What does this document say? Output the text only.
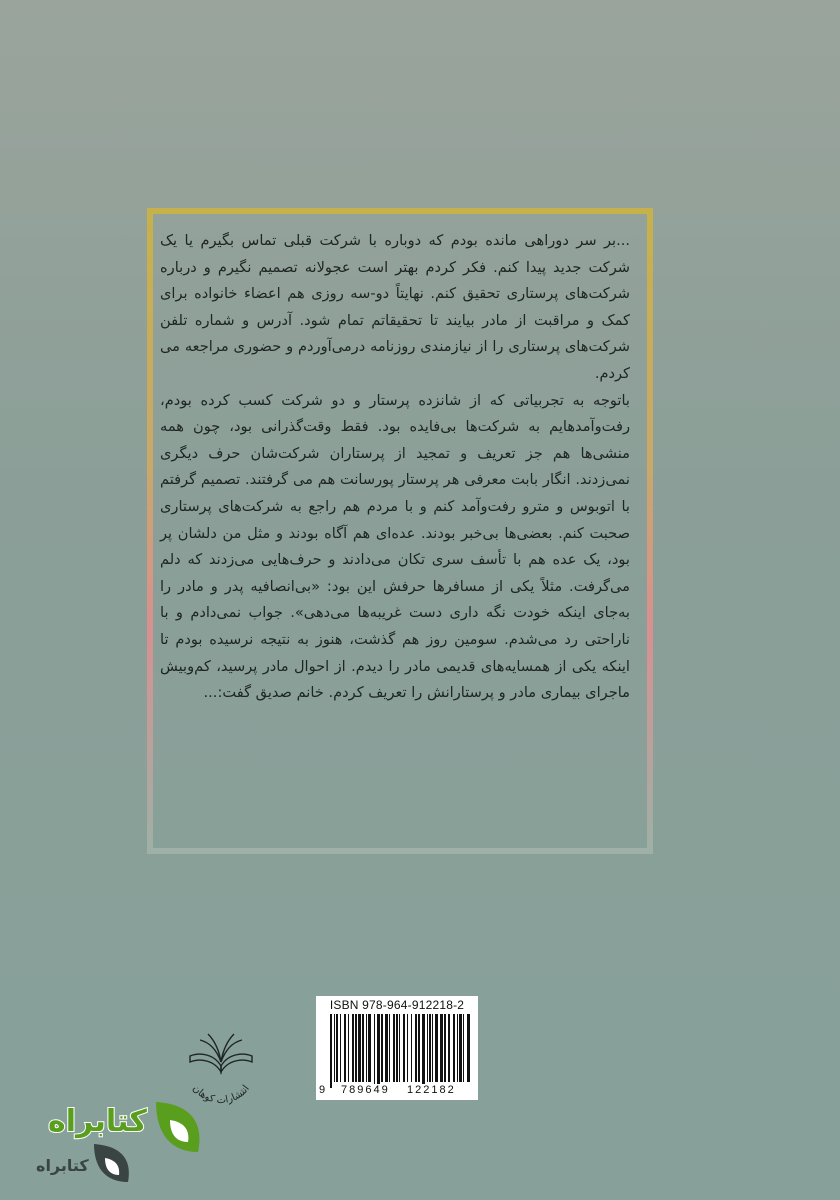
...بر سر دوراهی مانده بودم که دوباره با شرکت قبلی تماس بگیرم یا یک شرکت جدید پیدا کنم. فکر کردم بهتر است عجولانه تصمیم نگیرم و درباره شرکت‌های پرستاری تحقیق کنم. نهایتاً دو-سه روزی هم اعضاء خانواده برای کمک و مراقبت از مادر بیایند تا تحقیقاتم تمام شود. آدرس و شماره تلفن شرکت‌های پرستاری را از نیازمندی روزنامه درمی‌آوردم و حضوری مراجعه می کردم.

باتوجه به تجربیاتی که از شانزده پرستار و دو شرکت کسب کرده بودم، رفت‌وآمدهایم به شرکت‌ها بی‌فایده بود. فقط وقت‌گذرانی بود، چون همه منشی‌ها هم جز تعریف و تمجید از پرستاران شرکت‌شان حرف دیگری نمی‌زدند. انگار بابت معرفی هر پرستار پورسانت هم می گرفتند. تصمیم گرفتم با اتوبوس و مترو رفت‌وآمد کنم و با مردم هم راجع به شرکت‌های پرستاری صحبت کنم. بعضی‌ها بی‌خبر بودند. عده‌ای هم آگاه بودند و مثل من دلشان پر بود، یک عده هم با تأسف سری تکان می‌دادند و حرف‌هایی می‌زدند که دلم می‌گرفت. مثلاً یکی از مسافرها حرفش این بود: «بی‌انصافیه پدر و مادر را به‌جای اینکه خودت نگه داری دست غریبه‌ها می‌دهی». جواب نمی‌دادم و با ناراحتی رد می‌شدم. سومین روز هم گذشت، هنوز به نتیجه نرسیده بودم تا اینکه یکی از همسایه‌های قدیمی مادر را دیدم. از احوال مادر پرسید، کم‌وبیش ماجرای بیماری مادر و پرستارانش را تعریف کردم. خانم صدیق گفت:...

انتشارات کوهان
ISBN 978-964-912218-2
9 789649 122182
کتابراه
کتابراه
